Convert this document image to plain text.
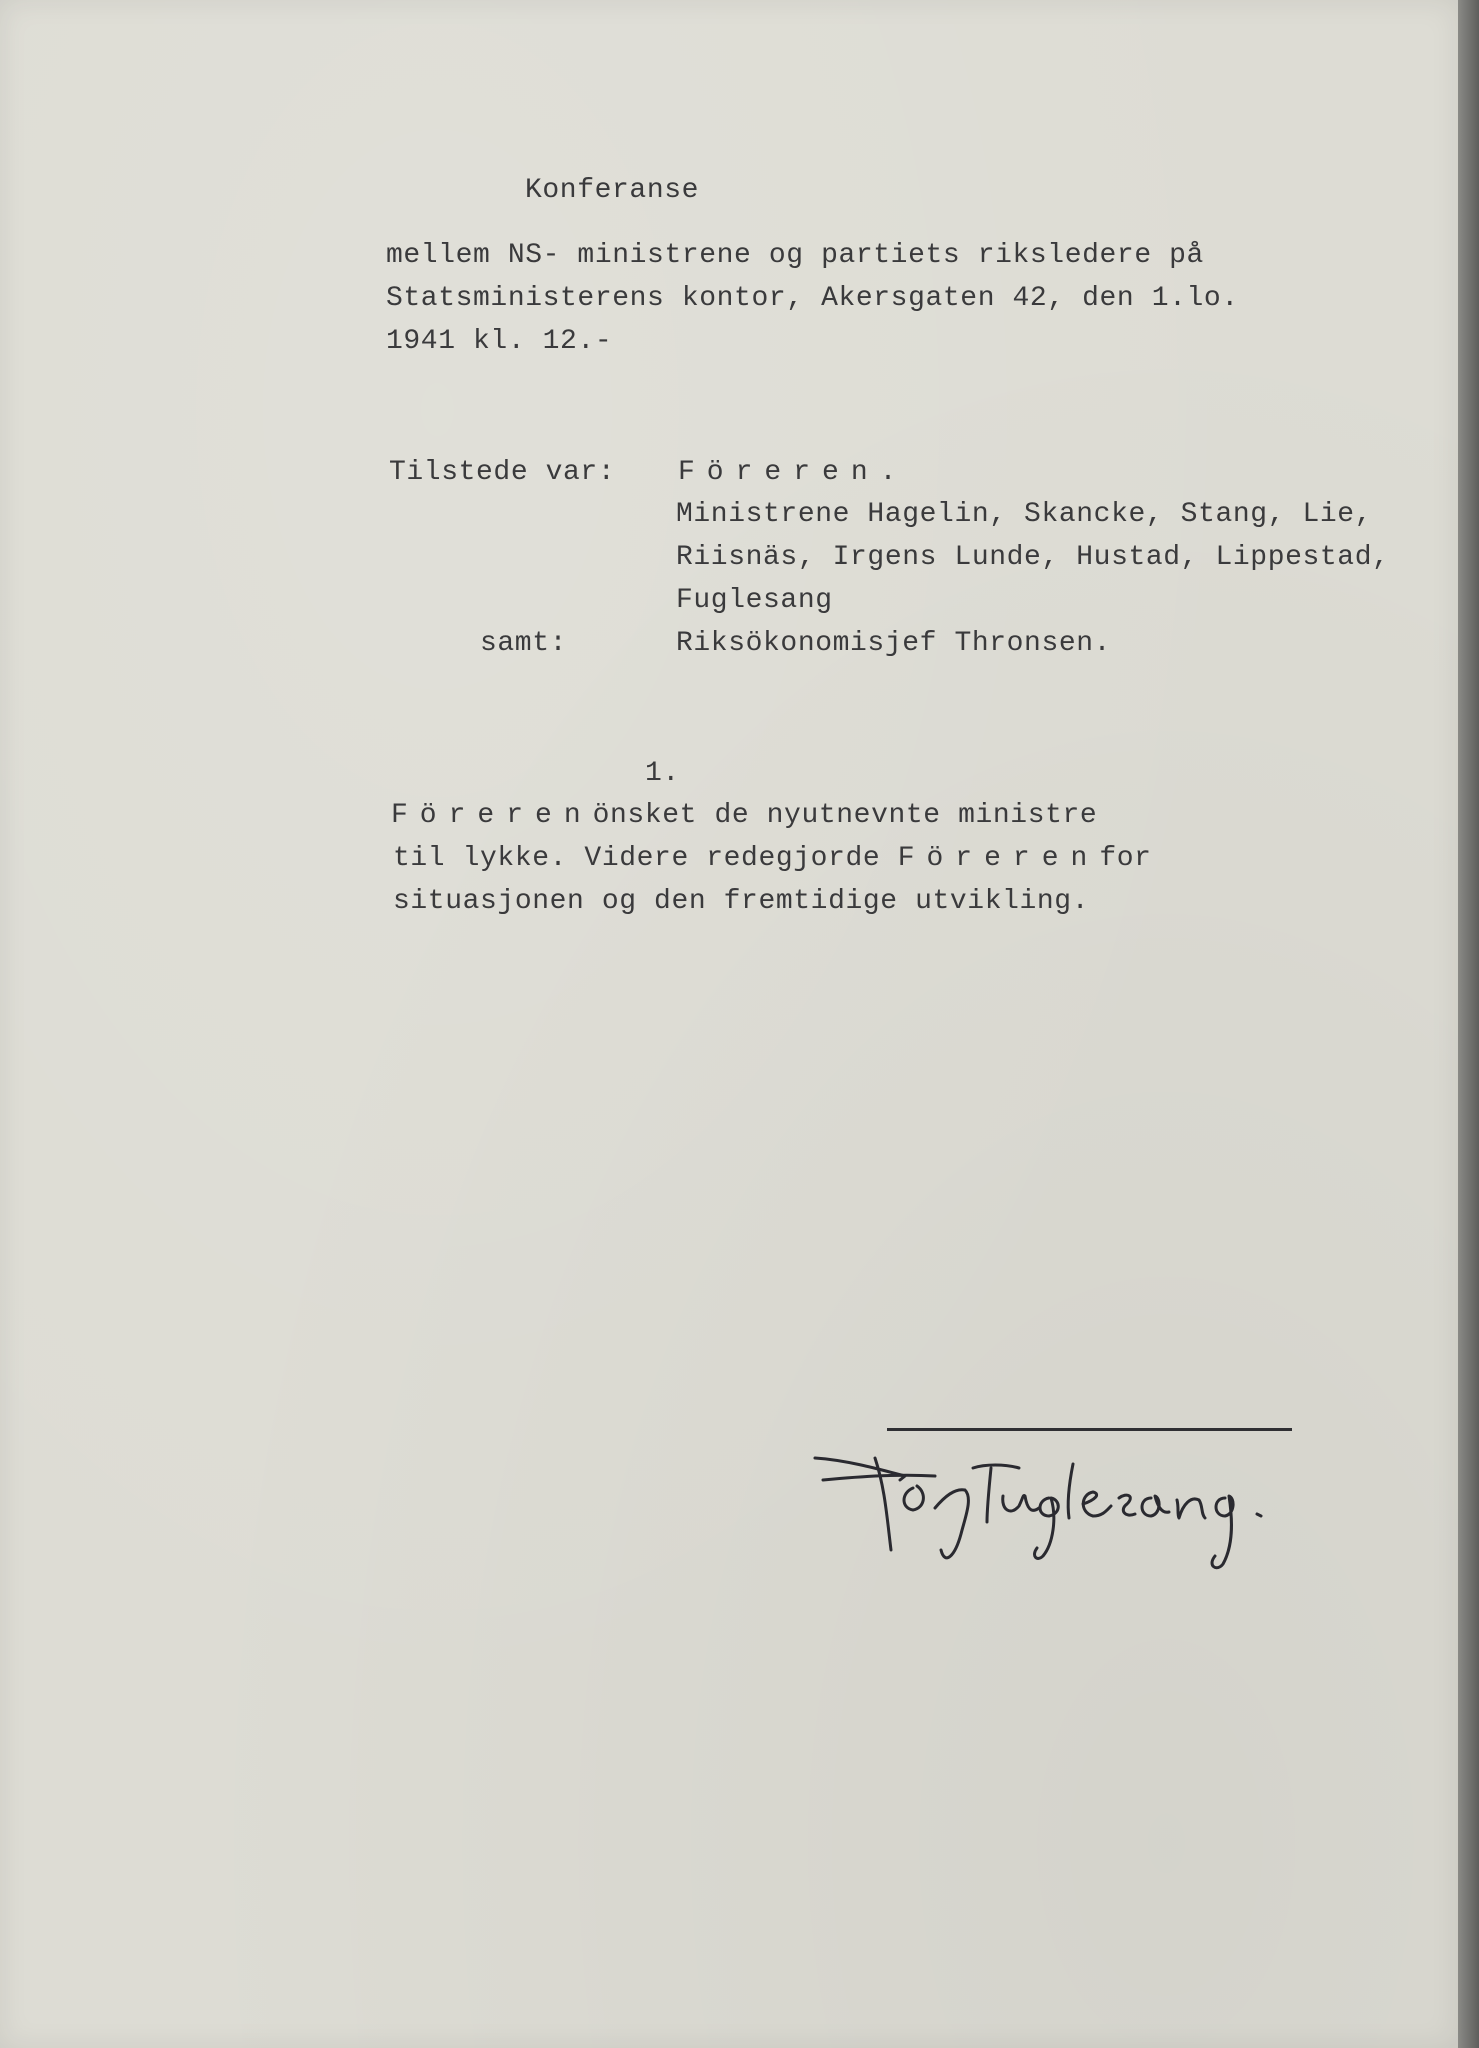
Konferanse
mellem NS- ministrene og partiets riksledere på
Statsministerens kontor, Akersgaten 42, den 1.lo.
1941 kl. 12.-
Tilstede var: Föreren.
Ministrene Hagelin, Skancke, Stang, Lie,
Riisnäs, Irgens Lunde, Hustad, Lippestad,
Fuglesang
samt:	Riksökonomisjef Thronsen.
1.
Förerenönsket de nyutnevnte ministre
til lykke. Videre redegjorde Förerenfor
situasjonen og den fremtidige utvikling.
